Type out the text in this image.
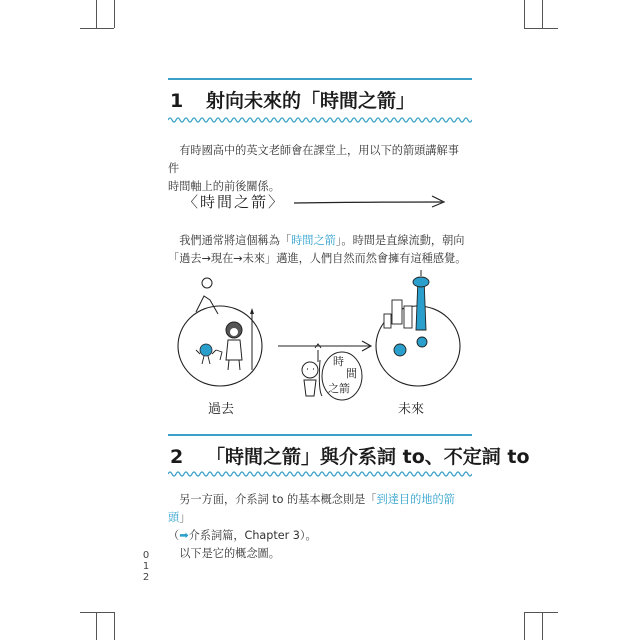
1 射向未來的「時間之箭」
有時國高中的英文老師會在課堂上，用以下的箭頭講解事件
時間軸上的前後關係。
〈時間之箭〉
我們通常將這個稱為「時間之箭」。時間是直線流動，朝向
「過去→現在→未來」邁進，人們自然而然會擁有這種感覺。
時
間
之箭
過去	未來
2 「時間之箭」與介系詞 to、不定詞 to
另一方面，介系詞 to 的基本概念則是「到達目的地的箭頭」
（➡介系詞篇，Chapter 3）。
以下是它的概念圖。
0
1
2
